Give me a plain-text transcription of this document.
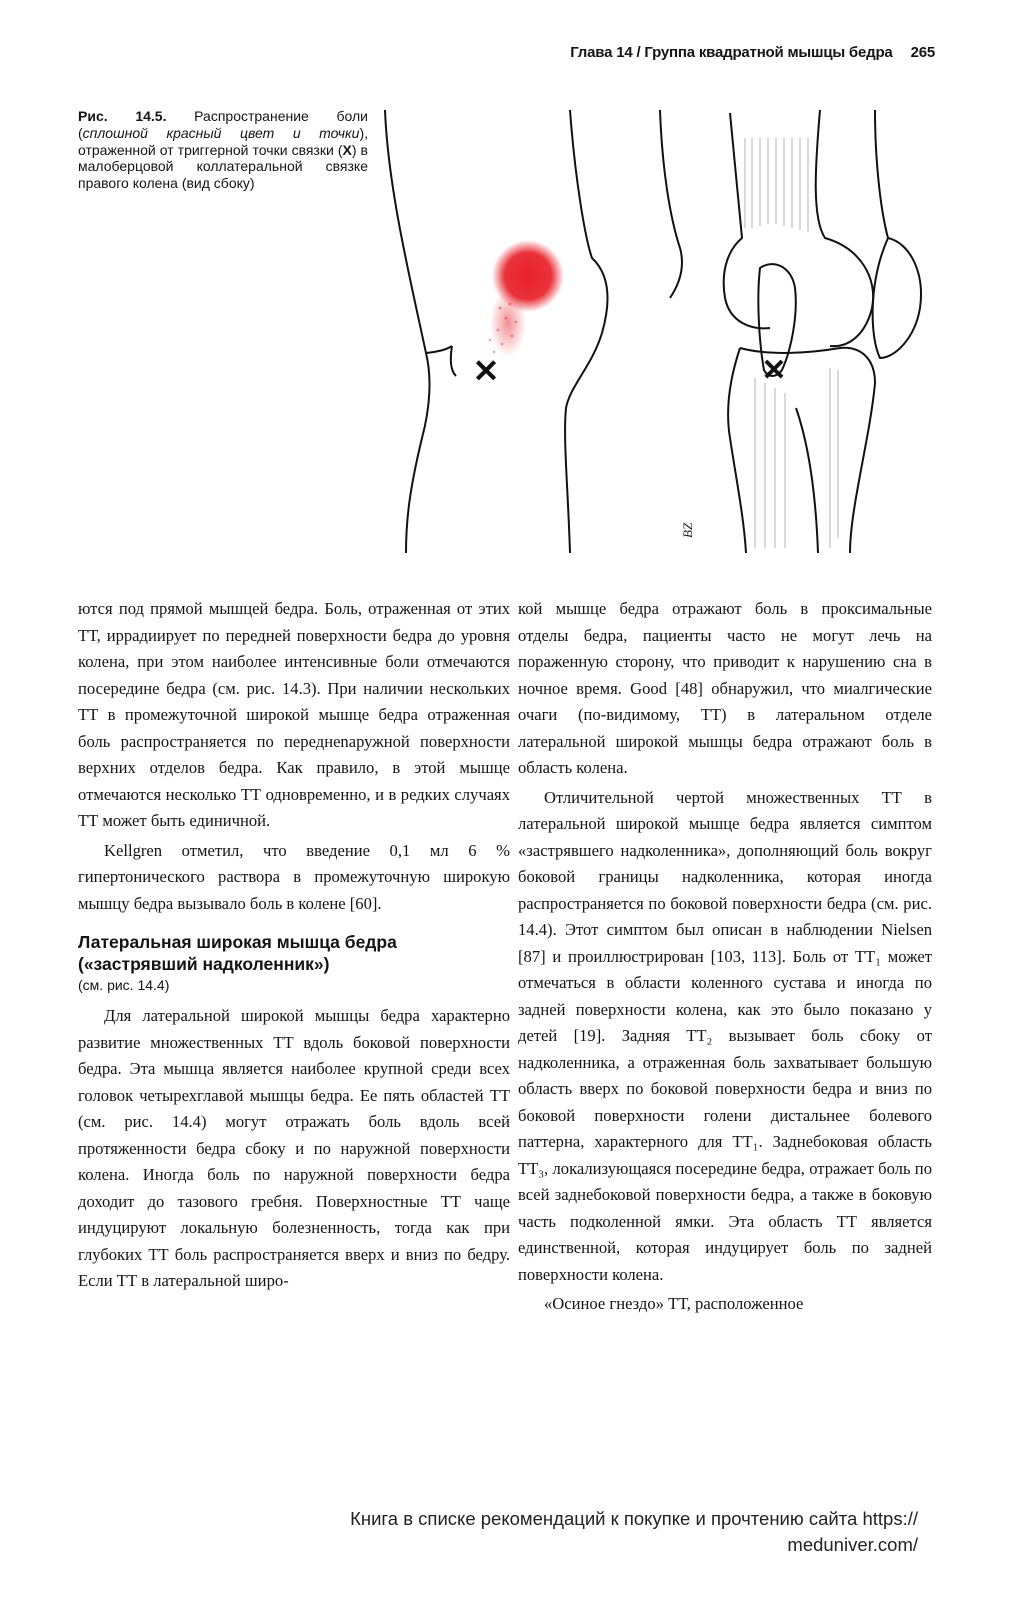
Глава 14 / Группа квадратной мышцы бедра 265
Рис. 14.5. Распространение боли (сплошной красный цвет и точки), отраженной от триггерной точки связки (X) в малоберцовой коллатеральной связке правого колена (вид сбоку)
✕	✕
BZ

ются под прямой мышцей бедра. Боль, отраженная от этих ТТ, иррадиирует по передней поверхности бедра до уровня колена, при этом наиболее интенсивные боли отмечаются посередине бедра (см. рис. 14.3). При наличии нескольких ТТ в промежуточной широкой мышце бедра отраженная боль распространяется по переднenаружной поверхности верхних отделов бедра. Как правило, в этой мышце отмечаются несколько ТТ одновременно, и в редких случаях ТТ может быть единичной.

Kellgren отметил, что введение 0,1 мл 6 % гипертонического раствора в промежуточную широкую мышцу бедра вызывало боль в колене [60].

Латеральная широкая мышца бедра («застрявший надколенник»)
(см. рис. 14.4)

Для латеральной широкой мышцы бедра характерно развитие множественных ТТ вдоль боковой поверхности бедра. Эта мышца является наиболее крупной среди всех головок четырехглавой мышцы бедра. Ее пять областей ТТ (см. рис. 14.4) могут отражать боль вдоль всей протяженности бедра сбоку и по наружной поверхности колена. Иногда боль по наружной поверхности бедра доходит до тазового гребня. Поверхностные ТТ чаще индуцируют локальную болезненность, тогда как при глубоких ТТ боль распространяется вверх и вниз по бедру. Если ТТ в латеральной широ-

кой мышце бедра отражают боль в проксимальные отделы бедра, пациенты часто не могут лечь на пораженную сторону, что приводит к нарушению сна в ночное время. Good [48] обнаружил, что миалгические очаги (по-видимому, ТТ) в латеральном отделе латеральной широкой мышцы бедра отражают боль в область колена.

Отличительной чертой множественных ТТ в латеральной широкой мышце бедра является симптом «застрявшего надколенника», дополняющий боль вокруг боковой границы надколенника, которая иногда распространяется по боковой поверхности бедра (см. рис. 14.4). Этот симптом был описан в наблюдении Nielsen [87] и проиллюстрирован [103, 113]. Боль от ТТ₁ может отмечаться в области коленного сустава и иногда по задней поверхности колена, как это было показано у детей [19]. Задняя ТТ₂ вызывает боль сбоку от надколенника, а отраженная боль захватывает большую область вверх по боковой поверхности бедра и вниз по боковой поверхности голени дистальнее болевого паттерна, характерного для ТТ₁. Заднебоковая область ТТ₃, локализующаяся посередине бедра, отражает боль по всей заднебоковой поверхности бедра, а также в боковую часть подколенной ямки. Эта область ТТ является единственной, которая индуцирует боль по задней поверхности колена.

«Осиное гнездо» ТТ, расположенное

Книга в списке рекомендаций к покупке и прочтению сайта https://
meduniver.com/
